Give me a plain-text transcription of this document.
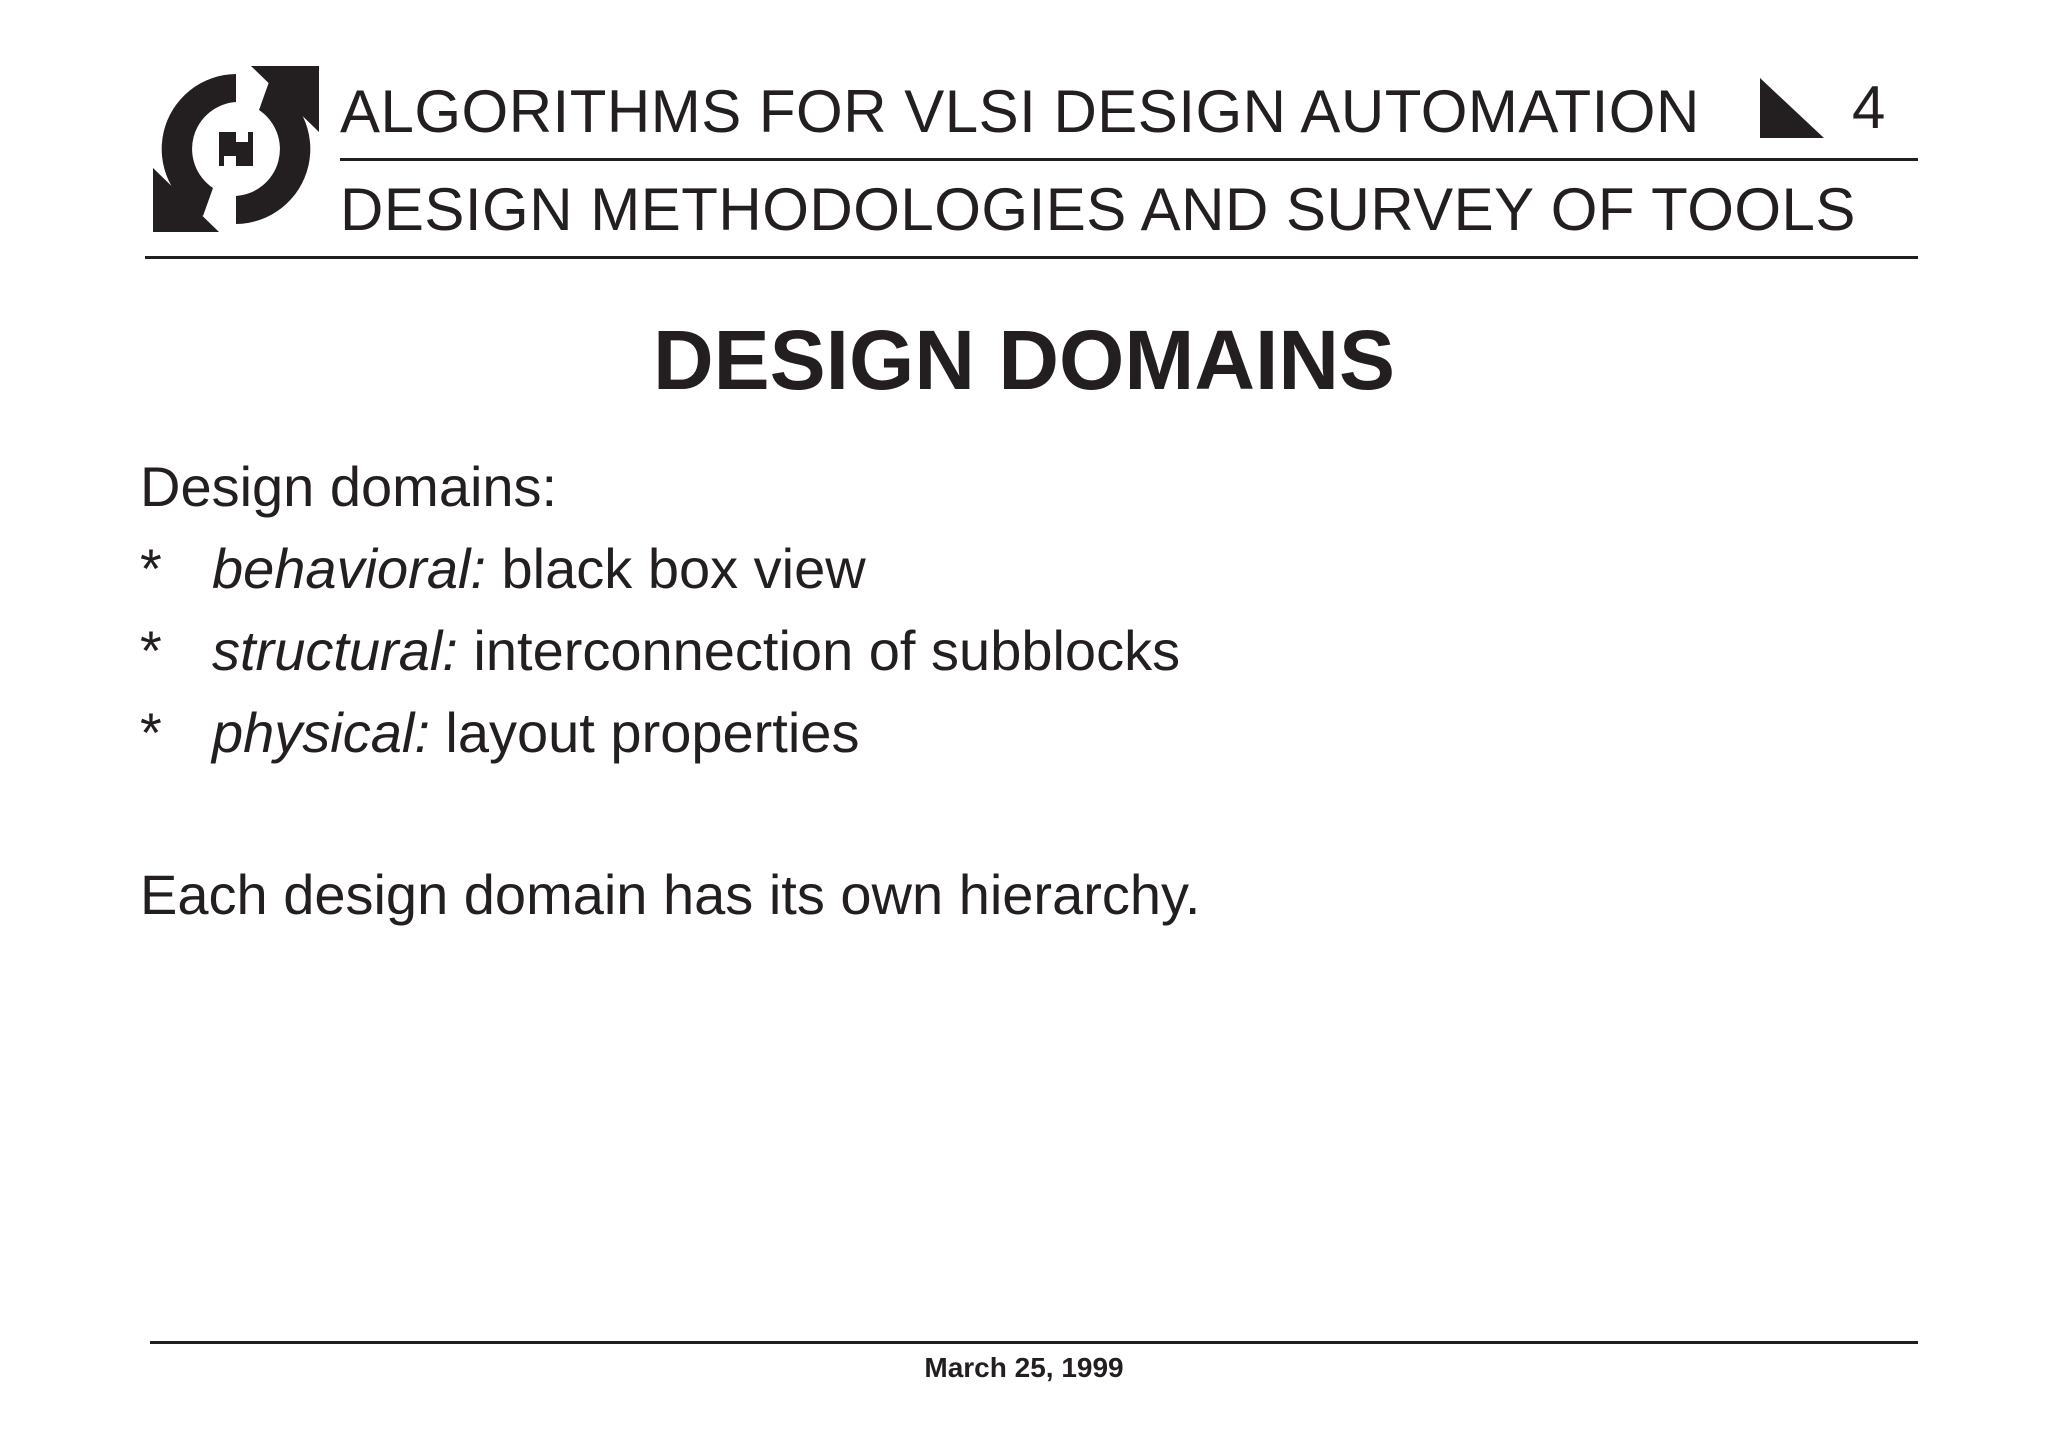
ALGORITHMS FOR VLSI DESIGN AUTOMATION	4
DESIGN METHODOLOGIES AND SURVEY OF TOOLS
DESIGN DOMAINS
Design domains:
* behavioral: black box view
* structural: interconnection of subblocks
* physical: layout properties
Each design domain has its own hierarchy.
March 25, 1999
